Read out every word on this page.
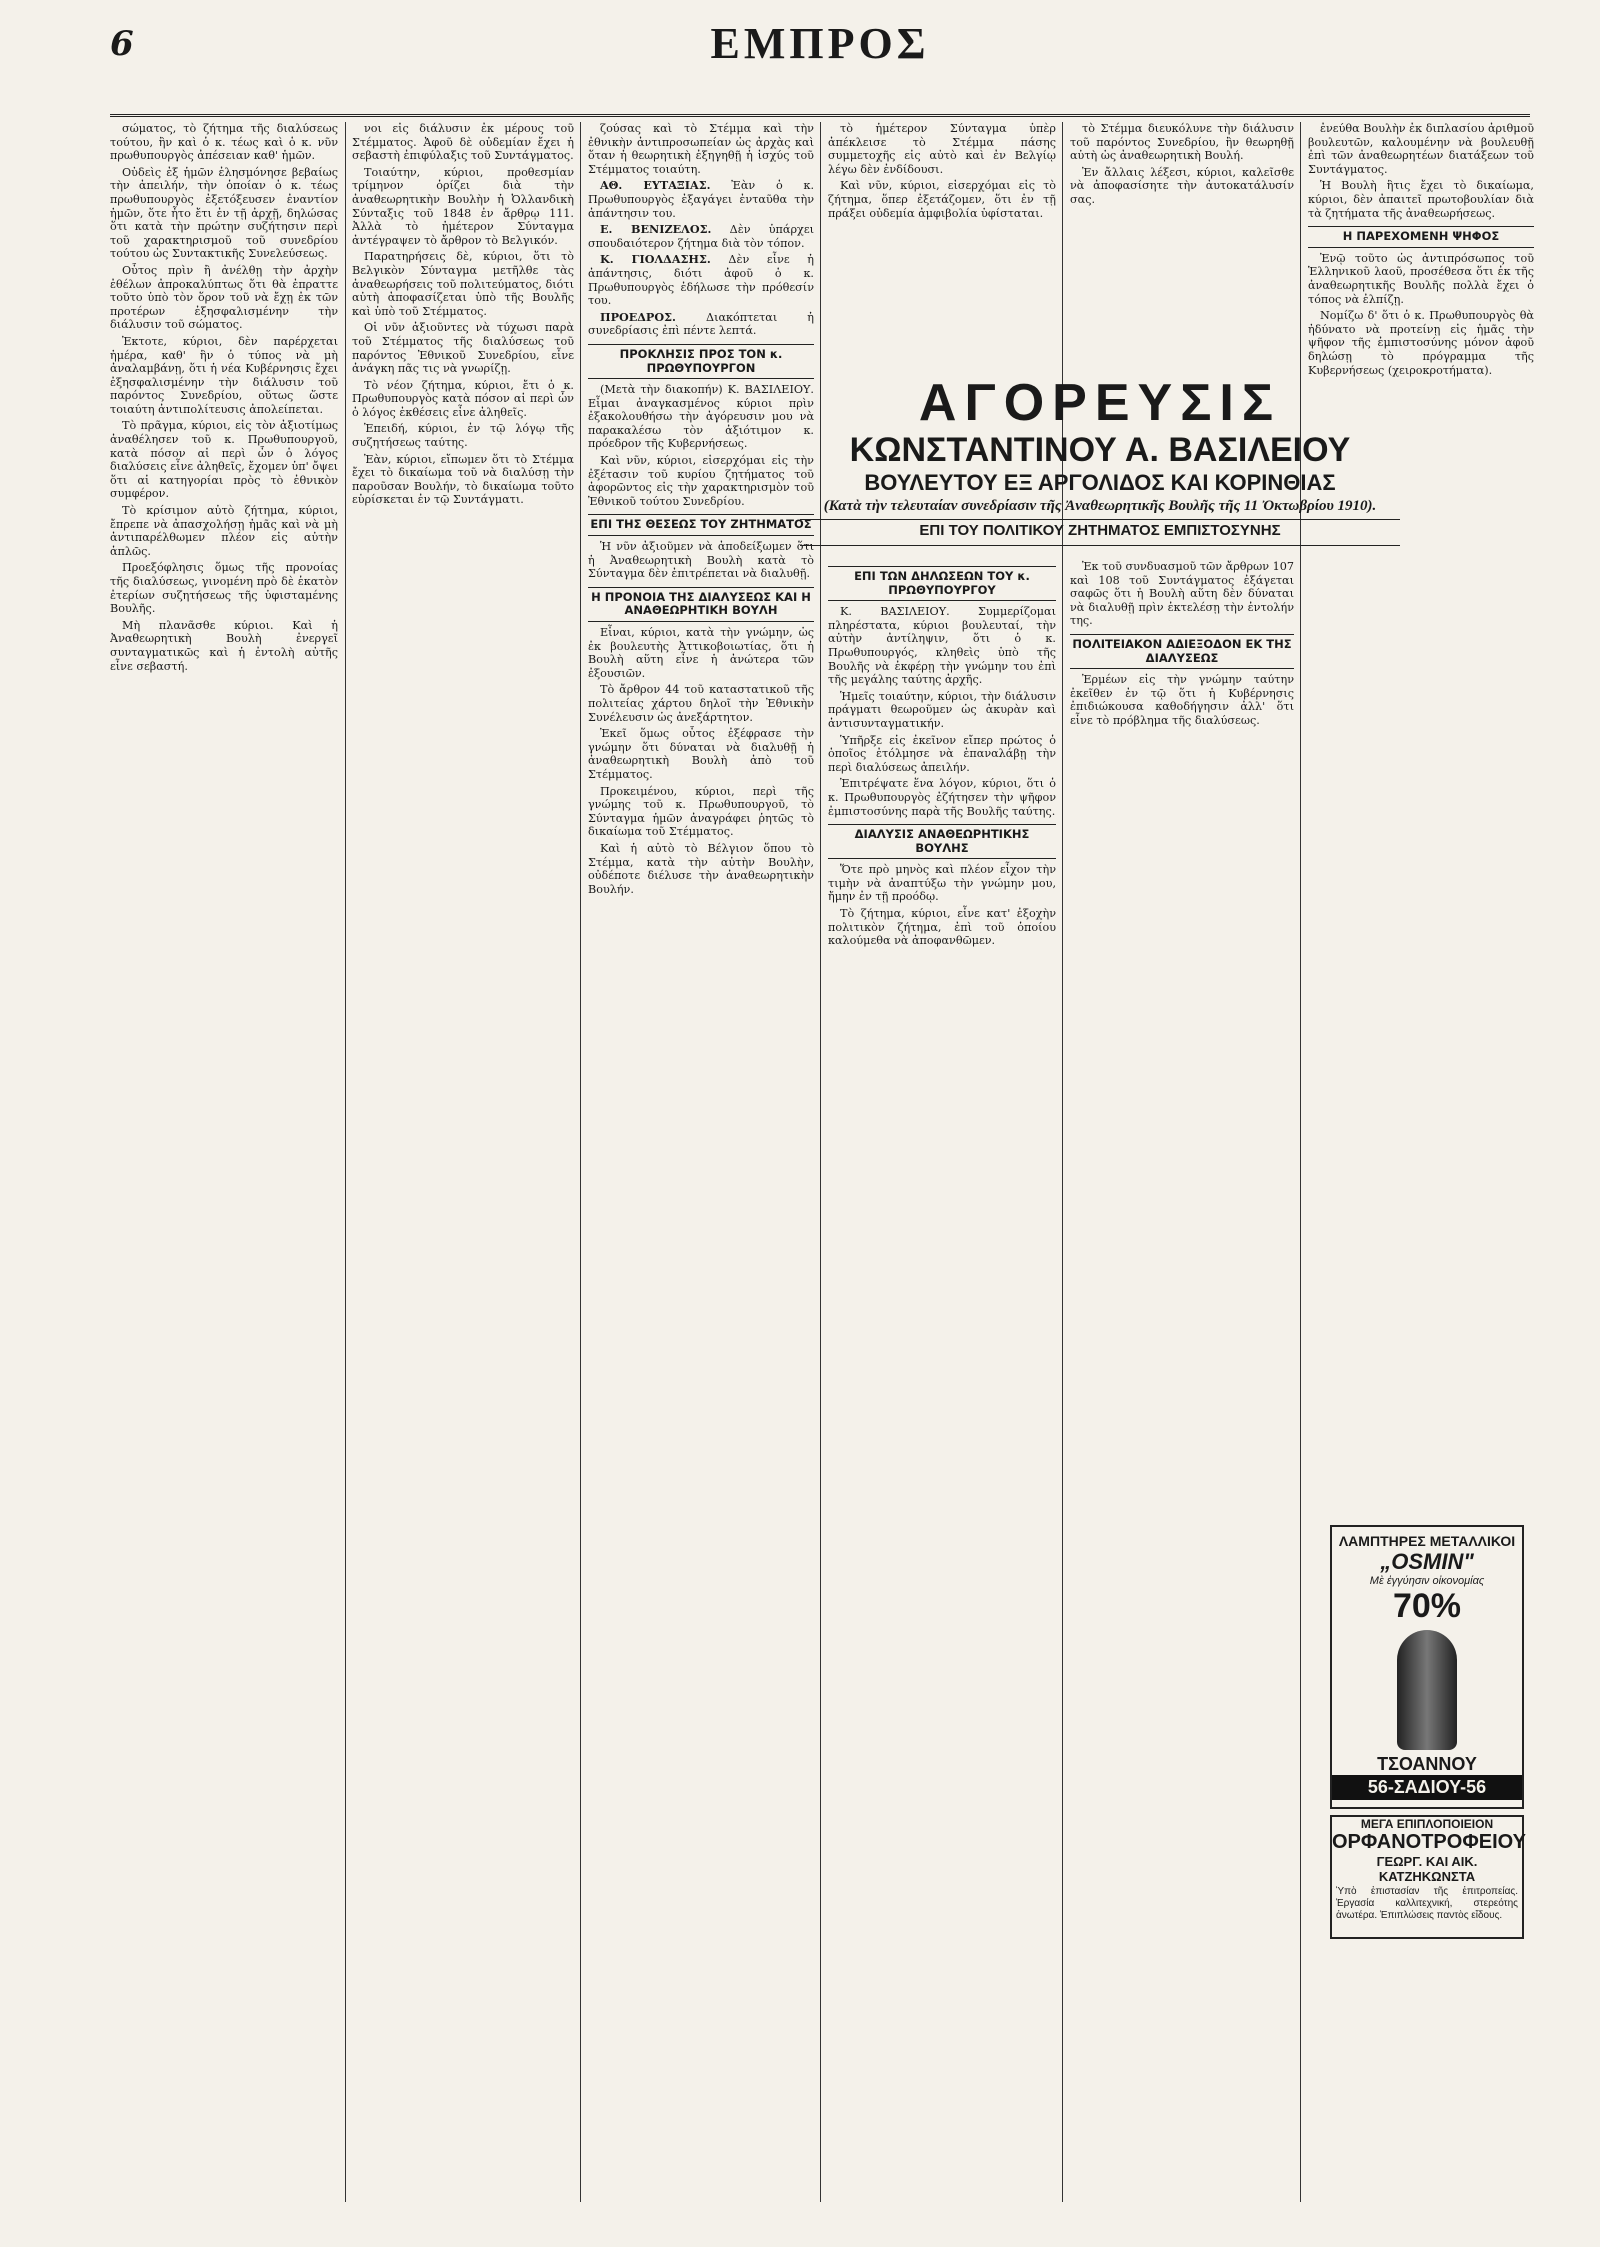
6	ΕΜΠΡΟΣ

σώματος, τὸ ζήτημα τῆς διαλύσεως τούτου, ἢν καὶ ὁ κ. τέως καὶ ὁ κ. νῦν πρωθυπουργὸς ἀπέσειαν καθ' ἡμῶν.

Οὐδεὶς ἐξ ἡμῶν ἐλησμόνησε βεβαίως τὴν ἀπειλήν, τὴν ὁποίαν ὁ κ. τέως πρωθυπουργὸς ἐξετόξευσεν ἐναντίον ἡμῶν, ὅτε ἦτο ἔτι ἐν τῇ ἀρχῇ, δηλώσας ὅτι κατὰ τὴν πρώτην συζήτησιν περὶ τοῦ χαρακτηρισμοῦ τοῦ συνεδρίου τούτου ὡς Συντακτικῆς Συνελεύσεως.

Οὗτος πρὶν ἢ ἀνέλθῃ τὴν ἀρχὴν ἐθέλων ἀπροκαλύπτως ὅτι θὰ ἐπραττε τοῦτο ὑπὸ τὸν ὅρον τοῦ νὰ ἔχῃ ἐκ τῶν προτέρων ἐξησφαλισμένην τὴν διάλυσιν τοῦ σώματος.

Ἐκτοτε, κύριοι, δὲν παρέρχεται ἡμέρα, καθ' ἣν ὁ τύπος νὰ μὴ ἀναλαμβάνῃ, ὅτι ἡ νέα Κυβέρνησις ἔχει ἐξησφαλισμένην τὴν διάλυσιν τοῦ παρόντος Συνεδρίου, οὕτως ὥστε τοιαύτη ἀντιπολίτευσις ἀπολείπεται.

Τὸ πρᾶγμα, κύριοι, εἰς τὸν ἀξιοτίμως ἀναθέλησεν τοῦ κ. Πρωθυπουργοῦ, κατὰ πόσον αἱ περὶ ὧν ὁ λόγος διαλύσεις εἶνε ἀληθεῖς, ἔχομεν ὑπ' ὄψει ὅτι αἱ κατηγορίαι πρὸς τὸ ἐθνικὸν συμφέρον.

Τὸ κρίσιμον αὐτὸ ζήτημα, κύριοι, ἔπρεπε νὰ ἀπασχολήσῃ ἡμᾶς καὶ νὰ μὴ ἀντιπαρέλθωμεν πλέον εἰς αὐτὴν ἁπλῶς.

Προεξόφλησις ὅμως τῆς προνοίας τῆς διαλύσεως, γινομένη πρὸ δὲ ἑκατὸν ἐτερίων συζητήσεως τῆς ὑφισταμένης Βουλῆς.

Μὴ πλανᾶσθε κύριοι. Καὶ ἡ Ἀναθεωρητικὴ Βουλὴ ἐνεργεῖ συνταγματικῶς καὶ ἡ ἐντολὴ αὐτῆς εἶνε σεβαστή.

νοι εἰς διάλυσιν ἐκ μέρους τοῦ Στέμματος. Ἀφοῦ δὲ οὐδεμίαν ἔχει ἡ σεβαστὴ ἐπιφύλαξις τοῦ Συντάγματος.

Τοιαύτην, κύριοι, προθεσμίαν τρίμηνον ὁρίζει διὰ τὴν ἀναθεωρητικὴν Βουλὴν ἡ Ὀλλανδικὴ Σύνταξις τοῦ 1848 ἐν ἄρθρῳ 111. Ἀλλὰ τὸ ἡμέτερον Σύνταγμα ἀντέγραψεν τὸ ἄρθρον τὸ Βελγικόν.

Παρατηρήσεις δὲ, κύριοι, ὅτι τὸ Βελγικὸν Σύνταγμα μετῆλθε τὰς ἀναθεωρήσεις τοῦ πολιτεύματος, διότι αὐτὴ ἀποφασίζεται ὑπὸ τῆς Βουλῆς καὶ ὑπὸ τοῦ Στέμματος.

Οἱ νῦν ἀξιοῦντες νὰ τύχωσι παρὰ τοῦ Στέμματος τῆς διαλύσεως τοῦ παρόντος Ἐθνικοῦ Συνεδρίου, εἶνε ἀνάγκη πᾶς τις νὰ γνωρίζῃ.

Τὸ νέον ζήτημα, κύριοι, ἔτι ὁ κ. Πρωθυπουργὸς κατὰ πόσον αἱ περὶ ὧν ὁ λόγος ἐκθέσεις εἶνε ἀληθεῖς.

Ἐπειδή, κύριοι, ἐν τῷ λόγῳ τῆς συζητήσεως ταύτης.

Ἐὰν, κύριοι, εἴπωμεν ὅτι τὸ Στέμμα ἔχει τὸ δικαίωμα τοῦ νὰ διαλύσῃ τὴν παροῦσαν Βουλήν, τὸ δικαίωμα τοῦτο εὑρίσκεται ἐν τῷ Συντάγματι.

ζούσας καὶ τὸ Στέμμα καὶ τὴν ἐθνικὴν ἀντιπροσωπείαν ὡς ἀρχὰς καὶ ὅταν ἡ θεωρητικὴ ἐξηγηθῇ ἡ ἰσχύς τοῦ Στέμματος τοιαύτη.

ΑΘ. ΕΥΤΑΞΙΑΣ. Ἐὰν ὁ κ. Πρωθυπουργὸς ἐξαγάγει ἐνταῦθα τὴν ἀπάντησιν του.

Ε. ΒΕΝΙΖΕΛΟΣ. Δὲν ὑπάρχει σπουδαιότερον ζήτημα διὰ τὸν τόπον.

Κ. ΓΙΟΛΔΑΣΗΣ. Δὲν εἶνε ἡ ἀπάντησις, διότι ἀφοῦ ὁ κ. Πρωθυπουργὸς ἐδήλωσε τὴν πρόθεσίν του.

ΠΡΟΕΔΡΟΣ.	Διακόπτεται ἡ συνεδρίασις ἐπὶ πέντε λεπτά.

ΠΡΟΚΛΗΣΙΣ ΠΡΟΣ ΤΟΝ κ. ΠΡΩΘΥΠΟΥΡΓΟΝ

(Μετὰ τὴν διακοπήν) Κ. ΒΑΣΙΛΕΙΟΥ. Εἶμαι ἀναγκασμένος κύριοι πρὶν ἐξακολουθήσω τὴν ἀγόρευσιν μου νὰ παρακαλέσω τὸν ἀξιότιμον κ. πρόεδρον τῆς Κυβερνήσεως.

Καὶ νῦν, κύριοι, εἰσερχόμαι εἰς τὴν ἐξέτασιν τοῦ κυρίου ζητήματος τοῦ ἀφορῶντος εἰς τὴν χαρακτηρισμὸν τοῦ Ἐθνικοῦ τούτου Συνεδρίου.

ΕΠΙ ΤΗΣ ΘΕΣΕΩΣ ΤΟΥ ΖΗΤΗΜΑΤΟΣ

Ἡ νῦν ἀξιοῦμεν νὰ ἀποδείξωμεν ὅτι ἡ Ἀναθεωρητικὴ Βουλὴ κατὰ τὸ Σύνταγμα δὲν ἐπιτρέπεται νὰ διαλυθῇ.

Η ΠΡΟΝΟΙΑ ΤΗΣ ΔΙΑΛΥΣΕΩΣ ΚΑΙ Η ΑΝΑΘΕΩΡΗΤΙΚΗ ΒΟΥΛΗ

Εἶναι, κύριοι, κατὰ τὴν γνώμην, ὡς ἐκ βουλευτὴς Ἀττικοβοιωτίας, ὅτι ἡ Βουλὴ αὕτη εἶνε ἡ ἀνώτερα τῶν ἐξουσιῶν.

Τὸ ἄρθρον 44 τοῦ καταστατικοῦ τῆς πολιτείας χάρτου δηλοῖ τὴν Ἐθνικὴν Συνέλευσιν ὡς ἀνεξάρτητον.

Ἐκεῖ ὅμως οὗτος ἐξέφρασε τὴν γνώμην ὅτι δύναται νὰ διαλυθῇ ἡ ἀναθεωρητικὴ Βουλὴ ἀπὸ τοῦ Στέμματος.

Προκειμένου, κύριοι, περὶ τῆς γνώμης τοῦ κ. Πρωθυπουργοῦ, τὸ Σύνταγμα ἡμῶν ἀναγράφει ῥητῶς τὸ δικαίωμα τοῦ Στέμματος.

Καὶ ἡ αὐτὸ τὸ Βέλγιον ὅπου τὸ Στέμμα, κατὰ τὴν αὐτὴν Βουλὴν, οὐδέποτε διέλυσε τὴν ἀναθεωρητικὴν Βουλήν.

τὸ ἡμέτερον Σύνταγμα ὑπὲρ ἀπέκλεισε τὸ Στέμμα πάσης συμμετοχῆς εἰς αὐτὸ καὶ ἐν Βελγίῳ λέγω δὲν ἐνδίδουσι.

Καὶ νῦν, κύριοι, εἰσερχόμαι εἰς τὸ ζήτημα, ὅπερ ἐξετάζομεν, ὅτι ἐν τῇ πράξει οὐδεμία ἀμφιβολία ὑφίσταται.

τὸ Στέμμα διευκόλυνε τὴν διάλυσιν τοῦ παρόντος Συνεδρίου, ἢν θεωρηθῇ αὐτὴ ὡς ἀναθεωρητικὴ Βουλή.

Ἐν ἄλλαις λέξεσι, κύριοι, καλεῖσθε νὰ ἀποφασίσητε τὴν ἀυτοκατάλυσίν σας.

ΑΓΟΡΕΥΣΙΣ
ΚΩΝΣΤΑΝΤΙΝΟΥ Α. ΒΑΣΙΛΕΙΟΥ
ΒΟΥΛΕΥΤΟΥ ΕΞ ΑΡΓΟΛΙΔΟΣ ΚΑΙ ΚΟΡΙΝΘΙΑΣ
(Κατὰ τὴν τελευταίαν συνεδρίασιν τῆς Ἀναθεωρητικῆς Βουλῆς τῆς 11 Ὀκτωβρίου 1910).
ΕΠΙ ΤΟΥ ΠΟΛΙΤΙΚΟΥ ΖΗΤΗΜΑΤΟΣ ΕΜΠΙΣΤΟΣΥΝΗΣ
ΕΠΙ ΤΩΝ ΔΗΛΩΣΕΩΝ ΤΟΥ κ. ΠΡΩΘΥΠΟΥΡΓΟΥ

Κ. ΒΑΣΙΛΕΙΟΥ. Συμμερίζομαι πληρέστατα, κύριοι βουλευταί, τὴν αὐτὴν ἀντίληψιν, ὅτι ὁ κ. Πρωθυπουργός, κληθεὶς ὑπὸ τῆς Βουλῆς νὰ ἐκφέρῃ τὴν γνώμην του ἐπὶ τῆς μεγάλης ταύτης ἀρχῆς.

Ἡμεῖς τοιαύτην, κύριοι, τὴν διάλυσιν πράγματι θεωροῦμεν ὡς ἀκυρὰν καὶ ἀντισυνταγματικήν.

Ὑπῆρξε εἰς ἐκεῖνον εἴπερ πρώτος ὁ ὁποῖος ἐτόλμησε νὰ ἐπαναλάβῃ τὴν περὶ διαλύσεως ἀπειλήν.

Ἐπιτρέψατε ἕνα λόγον, κύριοι, ὅτι ὁ κ. Πρωθυπουργὸς ἐζήτησεν τὴν ψῆφον ἐμπιστοσύνης παρὰ τῆς Βουλῆς ταύτης.

ΔΙΑΛΥΣΙΣ ΑΝΑΘΕΩΡΗΤΙΚΗΣ ΒΟΥΛΗΣ

Ὅτε πρὸ μηνὸς καὶ πλέον εἶχον τὴν τιμὴν νὰ ἀναπτύξω τὴν γνώμην μου, ἤμην ἐν τῇ προόδῳ.

Τὸ ζήτημα, κύριοι, εἶνε κατ' ἐξοχὴν πολιτικὸν ζήτημα, ἐπὶ τοῦ ὁποίου καλούμεθα νὰ ἀποφανθῶμεν.

Ἐκ τοῦ συνδυασμοῦ τῶν ἄρθρων 107 καὶ 108 τοῦ Συντάγματος ἐξάγεται σαφῶς ὅτι ἡ Βουλὴ αὕτη δὲν δύναται νὰ διαλυθῇ πρὶν ἐκτελέσῃ τὴν ἐντολήν της.

ΠΟΛΙΤΕΙΑΚΟΝ ΑΔΙΕΞΟΔΟΝ ΕΚ ΤΗΣ ΔΙΑΛΥΣΕΩΣ

Ἐρμέων εἰς τὴν γνώμην ταύτην ἐκεῖθεν ἐν τῷ ὅτι ἡ Κυβέρνησις ἐπιδιώκουσα καθοδήγησιν ἀλλ' ὅτι εἶνε τὸ πρόβλημα τῆς διαλύσεως.

ἐνεύθα Βουλὴν ἐκ διπλασίου ἀριθμοῦ βουλευτῶν, καλουμένην νὰ βουλευθῇ ἐπὶ τῶν ἀναθεωρητέων διατάξεων τοῦ Συντάγματος.

Ἡ Βουλὴ ἣτις ἔχει τὸ δικαίωμα, κύριοι, δὲν ἀπαιτεῖ πρωτοβουλίαν διὰ τὰ ζητήματα τῆς ἀναθεωρήσεως.

Η ΠΑΡΕΧΟΜΕΝΗ ΨΗΦΟΣ

Ἐνῷ τοῦτο ὡς ἀντιπρόσωπος τοῦ Ἑλληνικοῦ λαοῦ, προσέθεσα ὅτι ἐκ τῆς ἀναθεωρητικῆς Βουλῆς πολλὰ ἔχει ὁ τόπος νὰ ἐλπίζῃ.

Νομίζω δ' ὅτι ὁ κ. Πρωθυπουργὸς θὰ ἠδύνατο νὰ προτείνῃ εἰς ἡμᾶς τὴν ψῆφον τῆς ἐμπιστοσύνης μόνον ἀφοῦ δηλώσῃ τὸ πρόγραμμα τῆς Κυβερνήσεως (χειροκροτήματα).

ΛΑΜΠΤΗΡΕΣ ΜΕΤΑΛΛΙΚΟΙ
„OSMIN"
Μὲ ἐγγύησιν οἰκονομίας
70%
ΤΣΟΑΝΝΟΥ
56-ΣΑΔΙΟΥ-56
ΜΕΓΑ ΕΠΙΠΛΟΠΟΙΕΙΟΝ
ΟΡΦΑΝΟΤΡΟΦΕΙΟΥ
ΓΕΩΡΓ. ΚΑΙ ΑΙΚ. ΚΑΤΖΗΚΩΝΣΤΑ
Ὑπὸ ἐπιστασίαν τῆς ἐπιτροπείας. Ἐργασία καλλιτεχνική, στερεότης ἀνωτέρα. Ἐπιπλώσεις παντὸς εἴδους.
